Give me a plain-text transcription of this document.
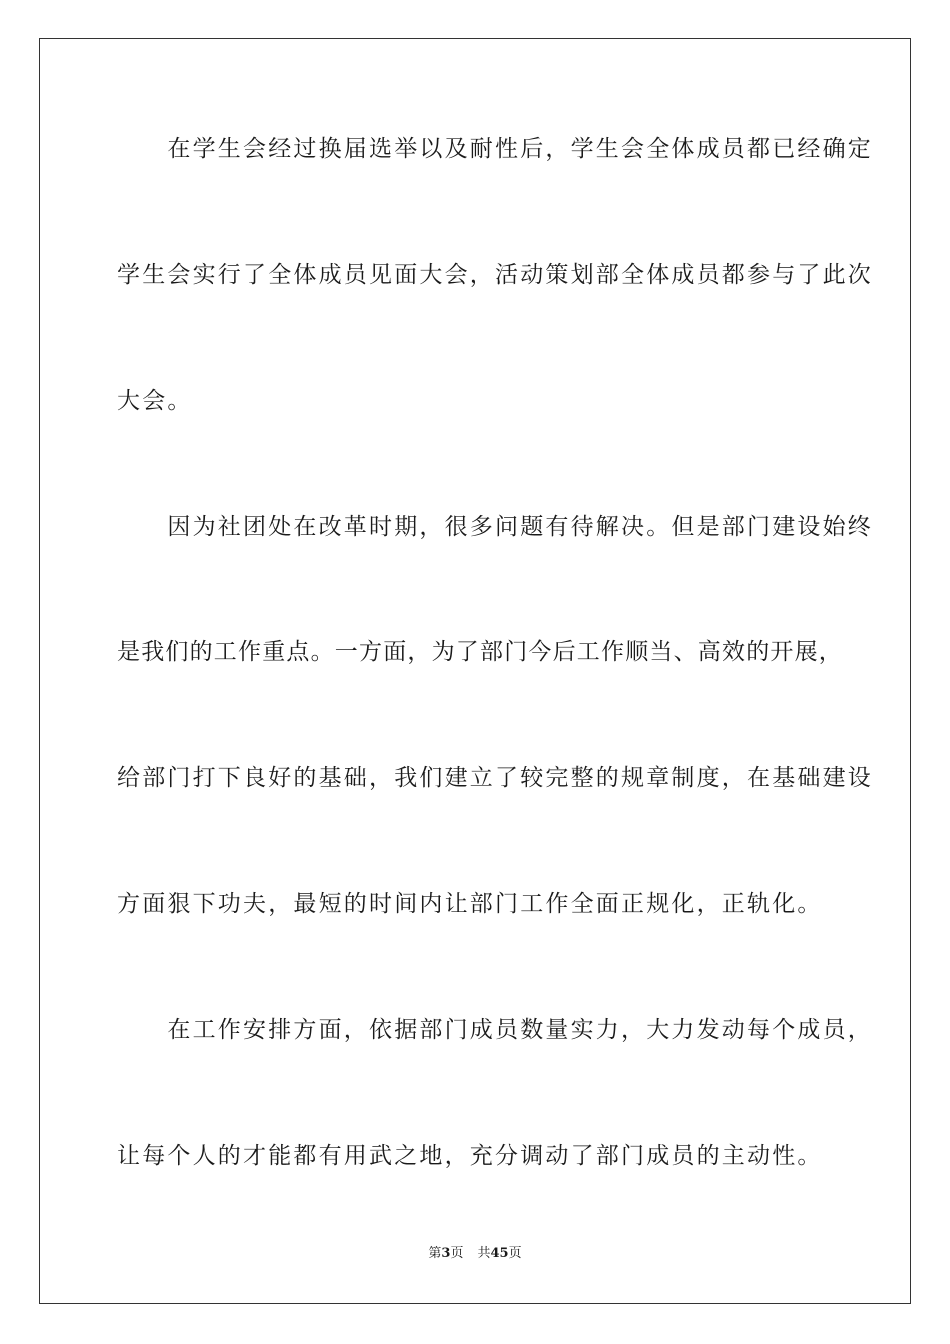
　　在学生会经过换届选举以及耐性后，学生会全体成员都已经确定
学生会实行了全体成员见面大会，活动策划部全体成员都参与了此次
大会。
　　因为社团处在改革时期，很多问题有待解决。但是部门建设始终
是我们的工作重点。一方面，为了部门今后工作顺当、高效的开展，
给部门打下良好的基础，我们建立了较完整的规章制度，在基础建设
方面狠下功夫，最短的时间内让部门工作全面正规化，正轨化。
　　在工作安排方面，依据部门成员数量实力，大力发动每个成员，
让每个人的才能都有用武之地，充分调动了部门成员的主动性。
第3页 共45页
